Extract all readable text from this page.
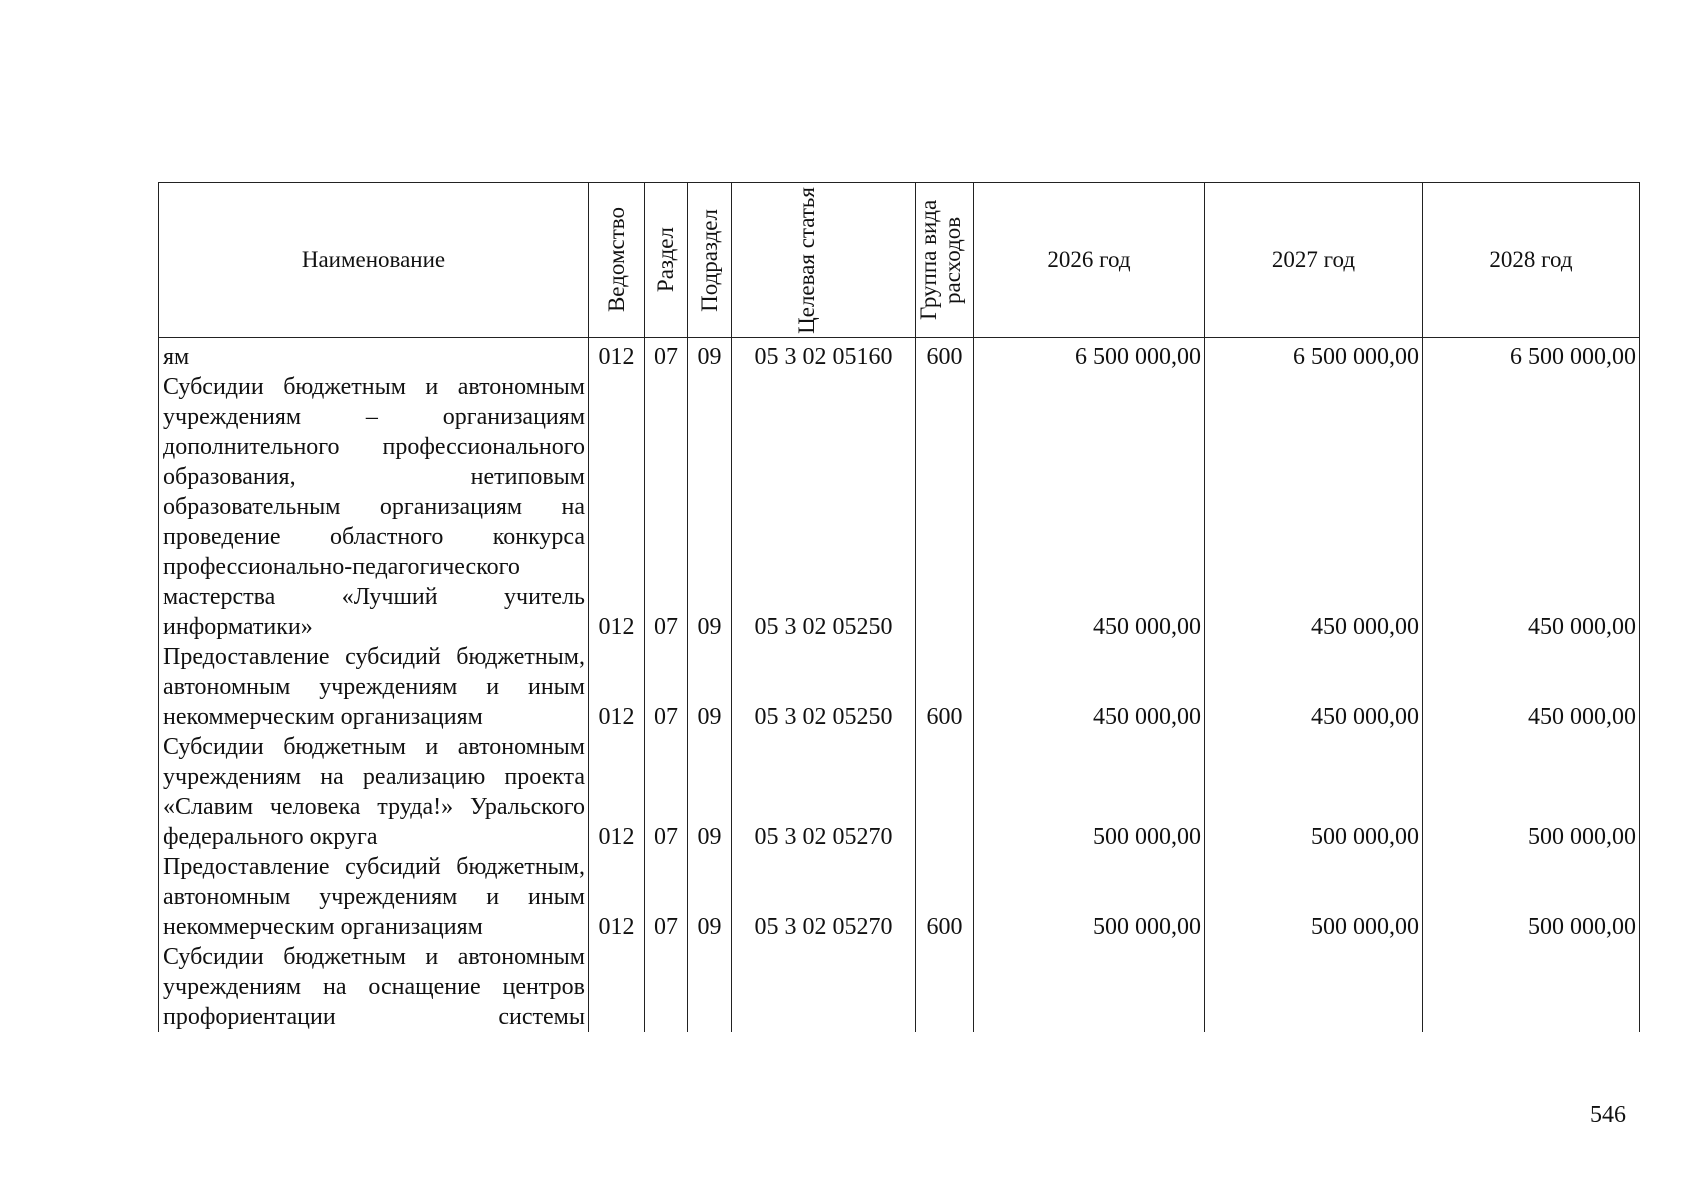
Наименование	Ведомство	Раздел	Подраздел	Целевая статья	Группа вида расходов	2026 год	2027 год	2028 год
ям	012	07	09	05 3 02 05160	600	6 500 000,00	6 500 000,00	6 500 000,00
Субсидии бюджетным и автономным учреждениям – организациям дополнительного профессионального образования, нетиповым образовательным организациям на проведение областного конкурса профессионально-педагогического мастерства «Лучший учитель информатики»	012	07	09	05 3 02 05250		450 000,00	450 000,00	450 000,00
Предоставление субсидий бюджетным, автономным учреждениям и иным некоммерческим организациям	012	07	09	05 3 02 05250	600	450 000,00	450 000,00	450 000,00
Субсидии бюджетным и автономным учреждениям на реализацию проекта «Славим человека труда!» Уральского федерального округа	012	07	09	05 3 02 05270		500 000,00	500 000,00	500 000,00
Предоставление субсидий бюджетным, автономным учреждениям и иным некоммерческим организациям	012	07	09	05 3 02 05270	600	500 000,00	500 000,00	500 000,00
Субсидии бюджетным и автономным учреждениям на оснащение центров профориентации системы								
546
